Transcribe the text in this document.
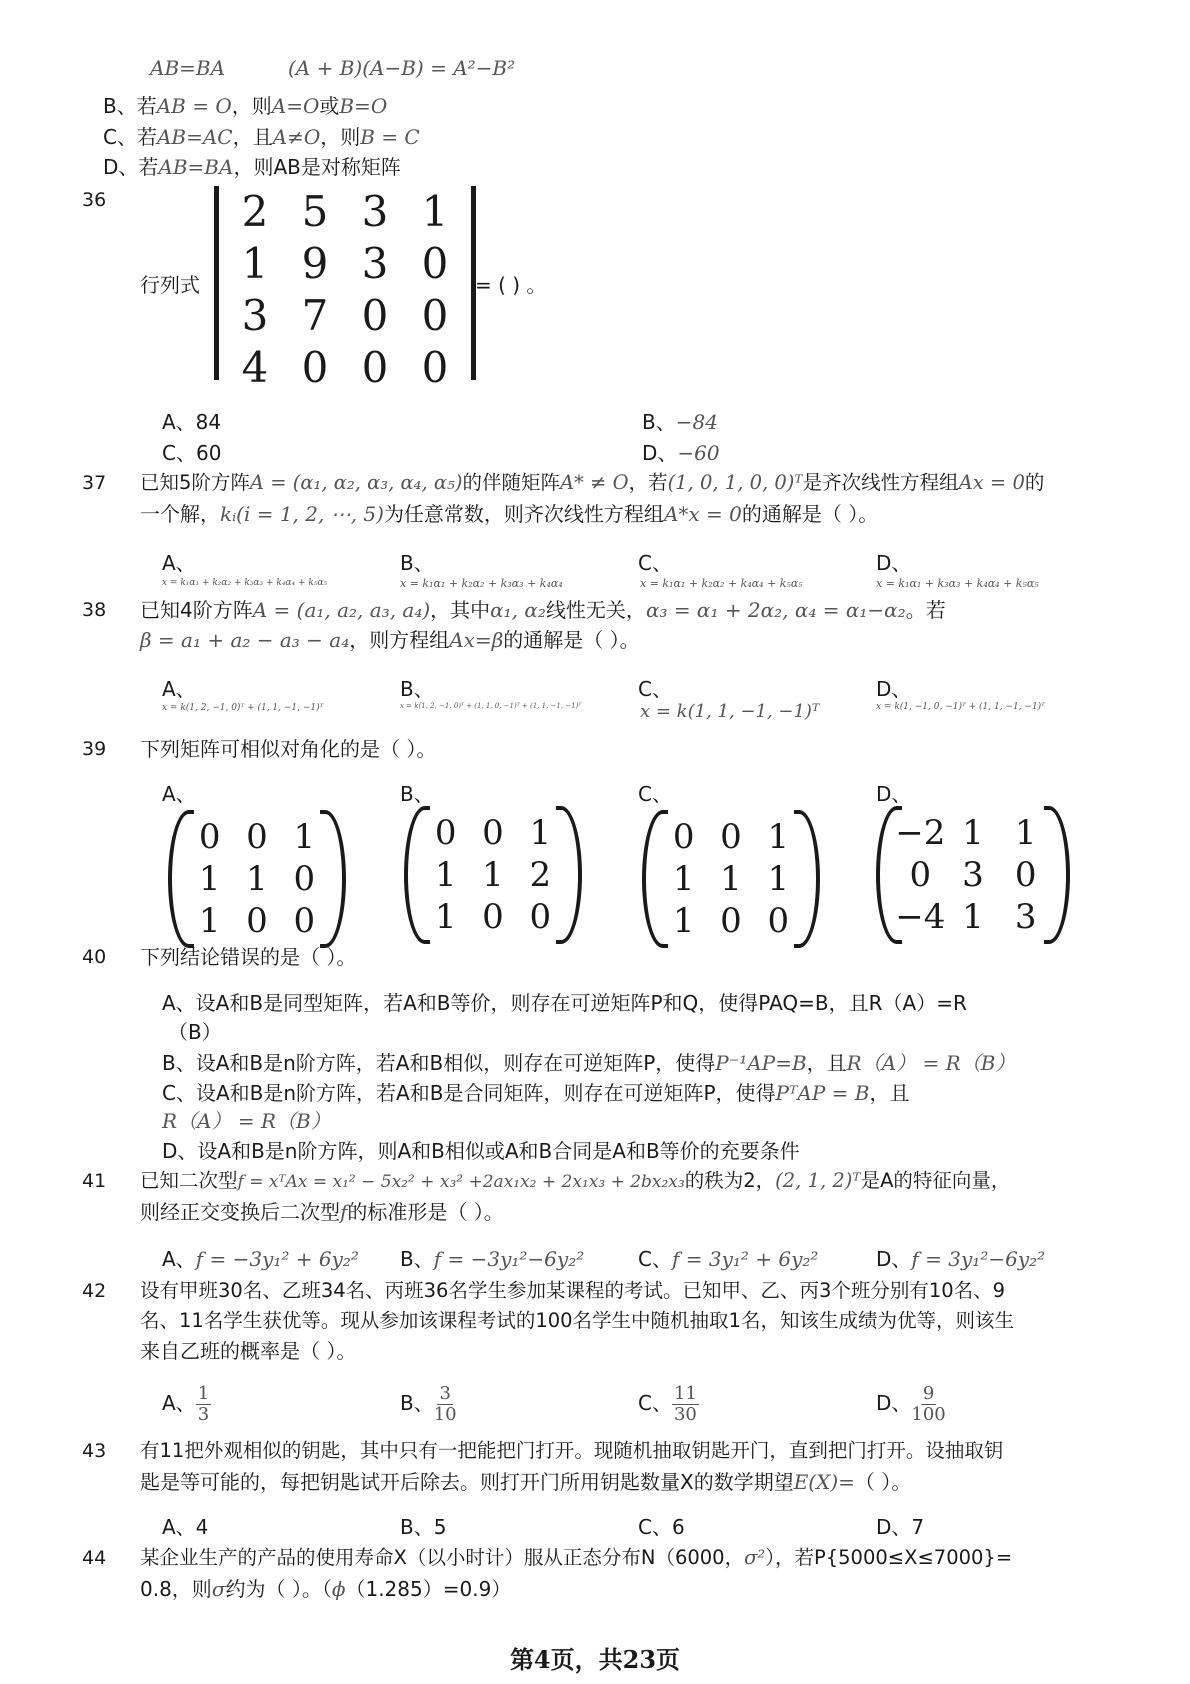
AB=BA	(A + B)(A−B) = A²−B²
B、若AB = O，则A=O或B=O
C、若AB=AC，且A≠O，则B = C
D、若AB=BA，则AB是对称矩阵
36
行列式
2 5 3 1
1 9 3 0
3 7 0 0
4 0 0 0
= ( ) 。
A、84	B、−84
C、60	D、−60
37 已知5阶方阵A = (α₁, α₂, α₃, α₄, α₅)的伴随矩阵A* ≠ O，若(1, 0, 1, 0, 0)ᵀ是齐次线性方程组Ax = 0的
一个解，kᵢ(i = 1, 2, ⋯, 5)为任意常数，则齐次线性方程组A*x = 0的通解是（ ）。
A、	B、	C、	D、
x = k₁α₁ + k₂α₂ + k₃α₃ + k₄α₄ + k₅α₅	x = k₁α₁ + k₂α₂ + k₃α₃ + k₄α₄	x = k₁α₁ + k₂α₂ + k₄α₄ + k₅α₅	x = k₁α₁ + k₃α₃ + k₄α₄ + k₅α₅
38 已知4阶方阵A = (a₁, a₂, a₃, a₄)，其中α₁, α₂线性无关，α₃ = α₁ + 2α₂, α₄ = α₁−α₂。若
β = a₁ + a₂ − a₃ − a₄，则方程组Ax=β的通解是（ ）。
A、	B、	C、	D、
x = k(1, 2, −1, 0)ᵀ + (1, 1, −1, −1)ᵀ	x = k(1, 2, −1, 0)ᵀ + (1, 1, 0, −1)ᵀ + (1, 1, −1, −1)ᵀ	x = k(1, 1, −1, −1)ᵀ	x = k(1, −1, 0, −1)ᵀ + (1, 1, −1, −1)ᵀ
39 下列矩阵可相似对角化的是（ ）。
A、	B、	C、	D、
0 0 1
1 1 0
1 0 0
0 0 1
1 1 2
1 0 0
0 0 1
1 1 1
1 0 0
−2 1 1
0 3 0
−4 1 3
40 下列结论错误的是（ ）。
A、设A和B是同型矩阵，若A和B等价，则存在可逆矩阵P和Q，使得PAQ=B，且R（A）=R
（B）
B、设A和B是n阶方阵，若A和B相似，则存在可逆矩阵P，使得P⁻¹AP=B，且R（A） = R（B）
C、设A和B是n阶方阵，若A和B是合同矩阵，则存在可逆矩阵P，使得PᵀAP = B，且
R（A） = R（B）
D、设A和B是n阶方阵，则A和B相似或A和B合同是A和B等价的充要条件
41 已知二次型f = xᵀAx = x₁² − 5x₂² + x₃² +2ax₁x₂ + 2x₁x₃ + 2bx₂x₃的秩为2，(2, 1, 2)ᵀ是A的特征向量，
则经正交变换后二次型f的标准形是（ ）。
A、f = −3y₁² + 6y₂² B、f = −3y₁²−6y₂²	C、f = 3y₁² + 6y₂²	D、f = 3y₁²−6y₂²
42 设有甲班30名、乙班34名、丙班36名学生参加某课程的考试。已知甲、乙、丙3个班分别有10名、9
名、11名学生获优等。现从参加该课程考试的100名学生中随机抽取1名，知该生成绩为优等，则该生
来自乙班的概率是（ ）。
A、 $\frac{1}{3}$	B、 $\frac{3}{10}$	C、 $\frac{11}{30}$	D、 $\frac{9}{100}$
43 有11把外观相似的钥匙，其中只有一把能把门打开。现随机抽取钥匙开门，直到把门打开。设抽取钥
匙是等可能的，每把钥匙试开后除去。则打开门所用钥匙数量X的数学期望E(X)=（ ）。
A、4	B、5	C、6	D、7
44 某企业生产的产品的使用寿命X（以小时计）服从正态分布N（6000，σ²），若P{5000≤X≤7000}=
0.8，则σ约为（ ）。（ϕ（1.285）=0.9）
第4页，共23页
